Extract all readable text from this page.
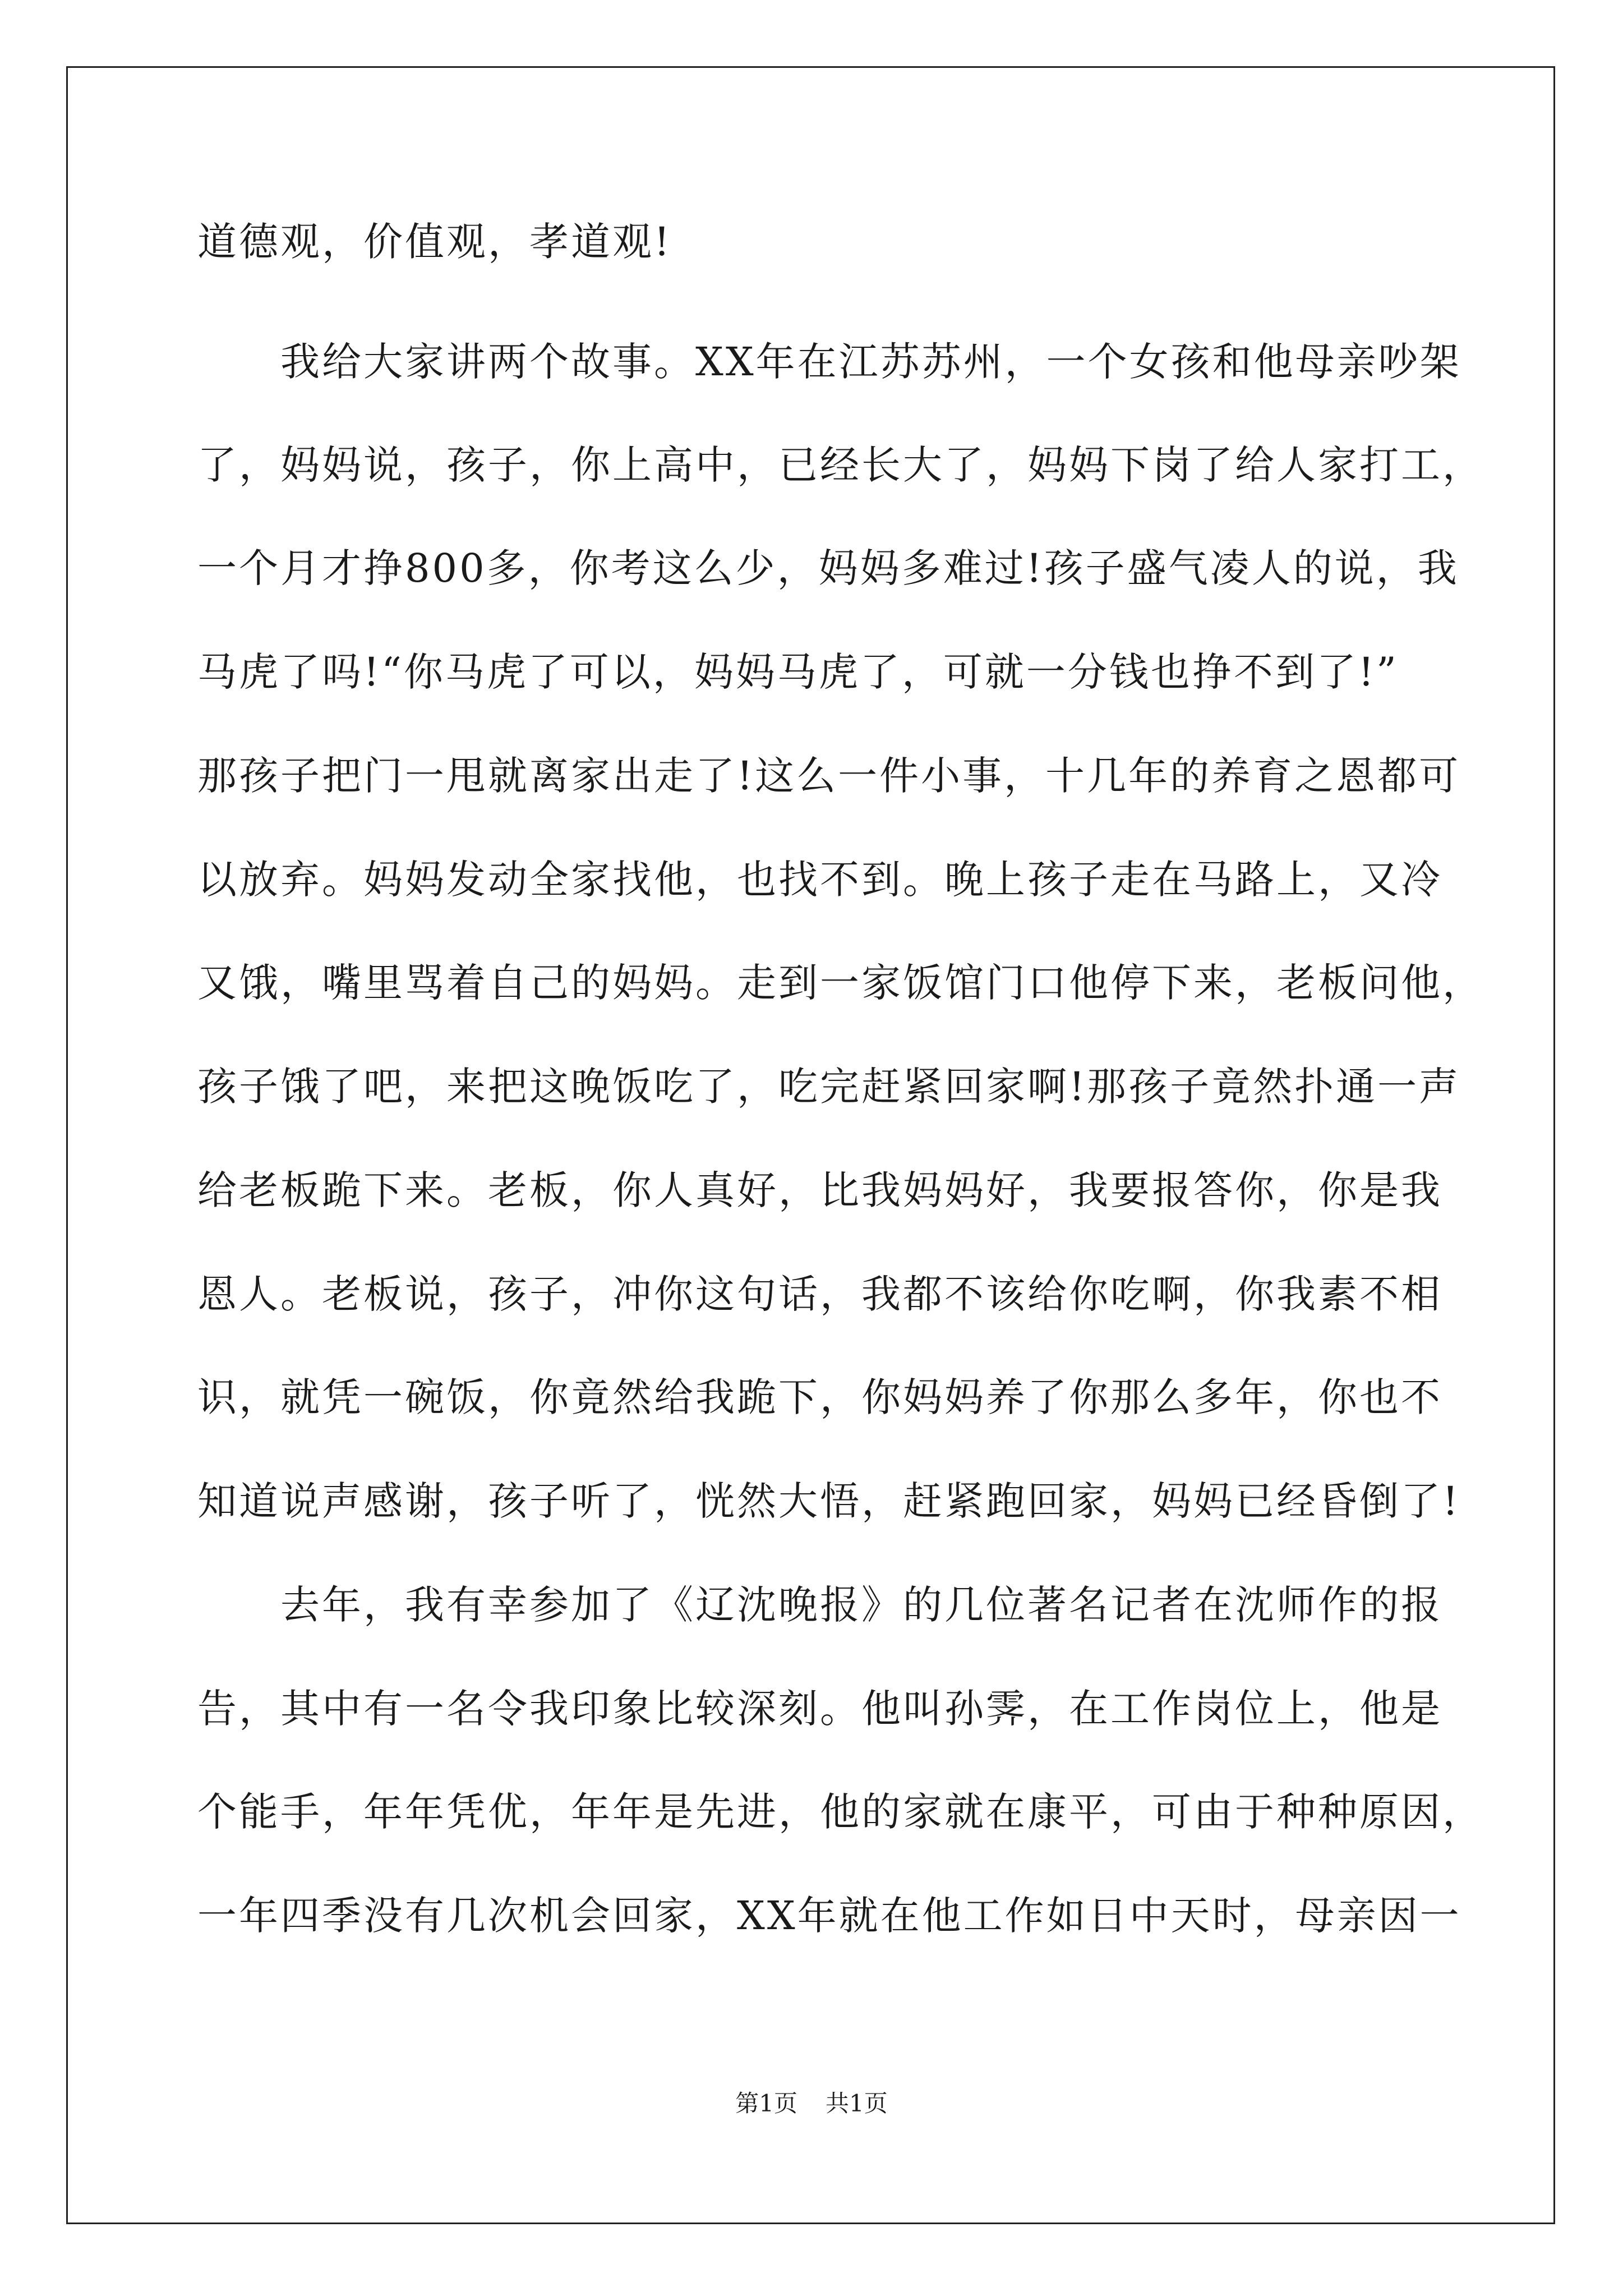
道德观，价值观，孝道观!

　　我给大家讲两个故事。XX年在江苏苏州，一个女孩和他母亲吵架

了，妈妈说，孩子，你上高中，已经长大了，妈妈下岗了给人家打工，

一个月才挣800多，你考这么少，妈妈多难过!孩子盛气凌人的说，我

马虎了吗!“你马虎了可以，妈妈马虎了，可就一分钱也挣不到了!”

那孩子把门一甩就离家出走了!这么一件小事，十几年的养育之恩都可

以放弃。妈妈发动全家找他，也找不到。晚上孩子走在马路上，又冷

又饿，嘴里骂着自己的妈妈。走到一家饭馆门口他停下来，老板问他，

孩子饿了吧，来把这晚饭吃了，吃完赶紧回家啊!那孩子竟然扑通一声

给老板跪下来。老板，你人真好，比我妈妈好，我要报答你，你是我

恩人。老板说，孩子，冲你这句话，我都不该给你吃啊，你我素不相

识，就凭一碗饭，你竟然给我跪下，你妈妈养了你那么多年，你也不

知道说声感谢，孩子听了，恍然大悟，赶紧跑回家，妈妈已经昏倒了!

　　去年，我有幸参加了《辽沈晚报》的几位著名记者在沈师作的报

告，其中有一名令我印象比较深刻。他叫孙霁，在工作岗位上，他是

个能手，年年凭优，年年是先进，他的家就在康平，可由于种种原因，

一年四季没有几次机会回家，XX年就在他工作如日中天时，母亲因一

第1页 共1页
